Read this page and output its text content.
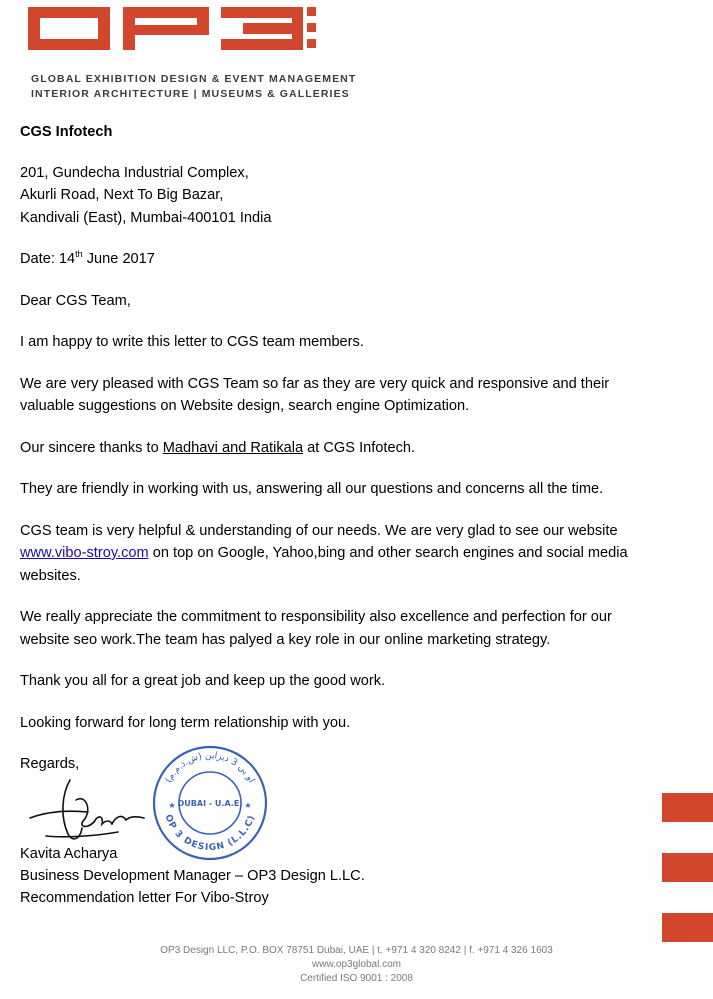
GLOBAL EXHIBITION DESIGN & EVENT MANAGEMENT
INTERIOR ARCHITECTURE | MUSEUMS & GALLERIES

CGS Infotech

201, Gundecha Industrial Complex,

Akurli Road, Next To Big Bazar,

Kandivali (East), Mumbai-400101 India

Date: 14th June 2017

Dear CGS Team,

I am happy to write this letter to CGS team members.

We are very pleased with CGS Team so far as they are very quick and responsive and their valuable suggestions on Website design, search engine Optimization.

Our sincere thanks to Madhavi and Ratikala at CGS Infotech.

They are friendly in working with us, answering all our questions and concerns all the time.

CGS team is very helpful & understanding of our needs. We are very glad to see our website www.vibo-stroy.com on top on Google, Yahoo,bing and other search engines and social media websites.

We really appreciate the commitment to responsibility also excellence and perfection for our website seo work.The team has palyed a key role in our online marketing strategy.

Thank you all for a great job and keep up the good work.

Looking forward for long term relationship with you.

Regards,

OP 3 DESIGN (L.L.C)
او بي 3 ديزاين (ش.ذ.م.م)
DUBAI - U.A.E.
★	★
Kavita Acharya
Business Development Manager – OP3 Design L.LC.
Recommendation letter For Vibo-Stroy
OP3 Design LLC, P.O. BOX 78751 Dubai, UAE | t. +971 4 320 8242 | f. +971 4 326 1603
www.op3global.com
Certified ISO 9001 : 2008
